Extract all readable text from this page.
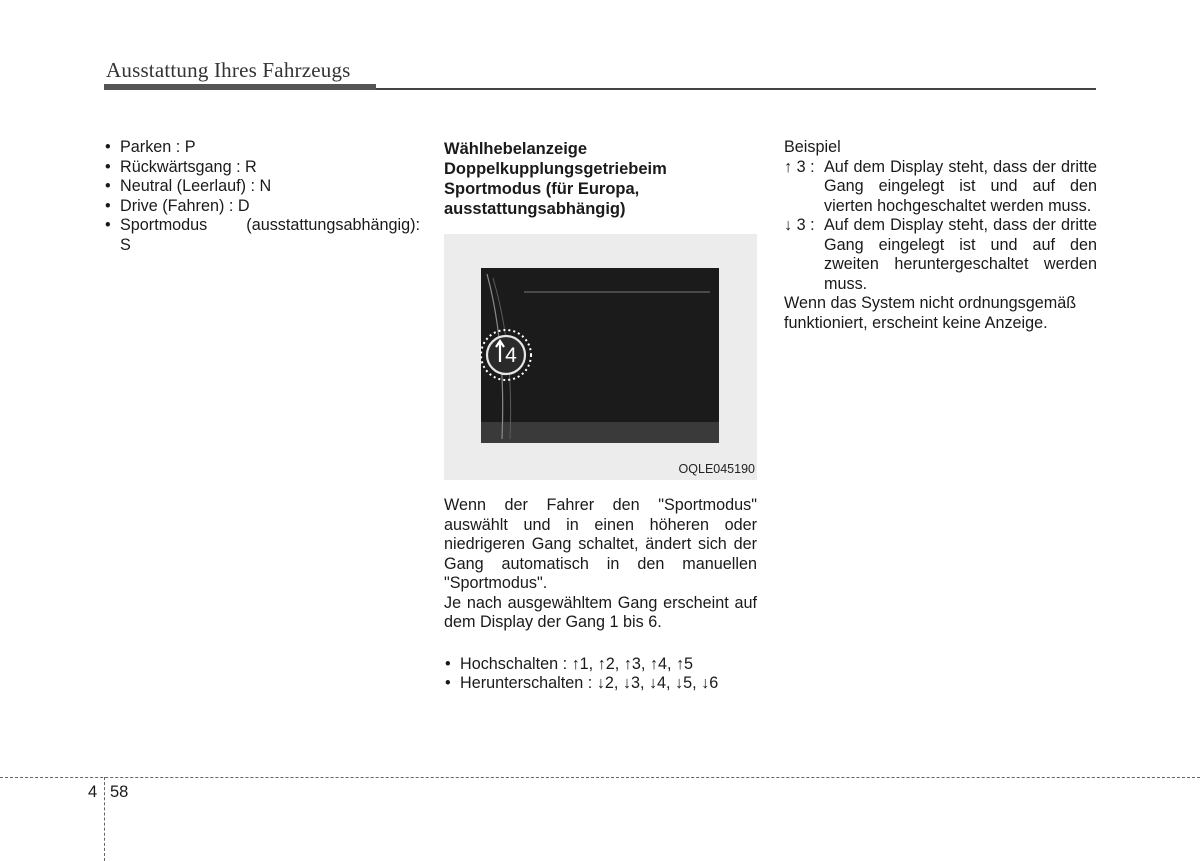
Ausstattung Ihres Fahrzeugs
• Parken : P
• Rückwärtsgang : R
• Neutral (Leerlauf) : N
• Drive (Fahren) : D
• Sportmodus (ausstattungsabhängig):
S
Wählhebelanzeige
Doppelkupplungsgetriebeim
Sportmodus (für Europa,
ausstattungsabhängig)
4
OQLE045190

Wenn der Fahrer den "Sportmodus" auswählt und in einen höheren oder niedrigeren Gang schaltet, ändert sich der Gang automatisch in den manuellen "Sportmodus".

Je nach ausgewähltem Gang erscheint auf dem Display der Gang 1 bis 6.

• Hochschalten : ↑1, ↑2, ↑3, ↑4, ↑5
• Herunterschalten : ↓2, ↓3, ↓4, ↓5, ↓6
Beispiel
↑ 3 : Auf dem Display steht, dass der dritte Gang eingelegt ist und auf den vierten hochgeschaltet werden muss.
↓ 3 : Auf dem Display steht, dass der dritte Gang eingelegt ist und auf den zweiten heruntergeschaltet werden muss.
Wenn das System nicht ordnungsgemäß funktioniert, erscheint keine Anzeige.
4 58
